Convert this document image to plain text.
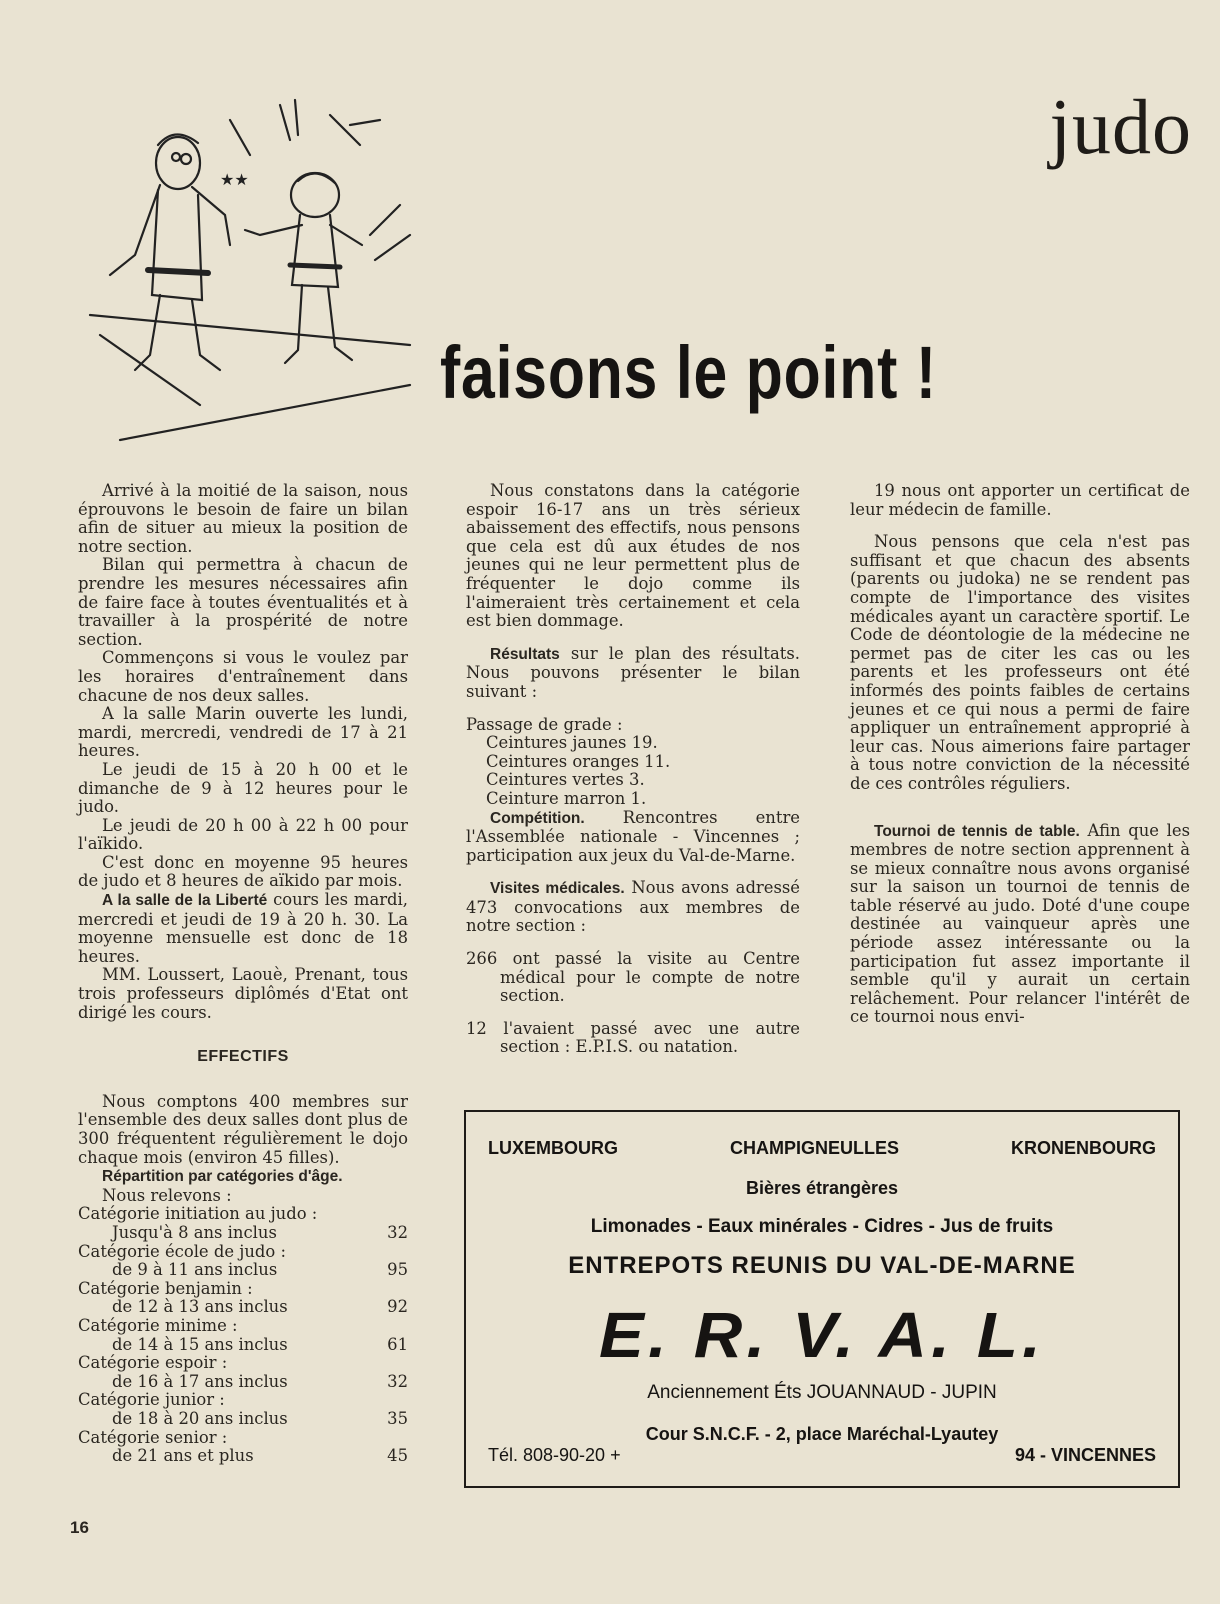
judo
★★
faisons le point !

Arrivé à la moitié de la saison, nous éprouvons le besoin de faire un bilan afin de situer au mieux la position de notre section.

Bilan qui permettra à chacun de prendre les mesures nécessaires afin de faire face à toutes éventualités et à travailler à la prospérité de notre section.

Commençons si vous le voulez par les horaires d'entraînement dans chacune de nos deux salles.

A la salle Marin ouverte les lundi, mardi, mercredi, vendredi de 17 à 21 heures.

Le jeudi de 15 à 20 h 00 et le dimanche de 9 à 12 heures pour le judo.

Le jeudi de 20 h 00 à 22 h 00 pour l'aïkido.

C'est donc en moyenne 95 heures de judo et 8 heures de aïkido par mois.

A la salle de la Liberté cours les mardi, mercredi et jeudi de 19 à 20 h. 30. La moyenne mensuelle est donc de 18 heures.

MM. Loussert, Laouè, Prenant, tous trois professeurs diplômés d'Etat ont dirigé les cours.

EFFECTIFS

Nous comptons 400 membres sur l'ensemble des deux salles dont plus de 300 fréquentent régulièrement le dojo chaque mois (environ 45 filles).

Répartition par catégories d'âge.

Nous relevons :

Catégorie initiation au judo :

Jusqu'à 8 ans inclus	32

Catégorie école de judo :

de 9 à 11 ans inclus	95

Catégorie benjamin :

de 12 à 13 ans inclus	92

Catégorie minime :

de 14 à 15 ans inclus	61

Catégorie espoir :

de 16 à 17 ans inclus	32

Catégorie junior :

de 18 à 20 ans inclus	35

Catégorie senior :

de 21 ans et plus	45

Nous constatons dans la catégorie espoir 16-17 ans un très sérieux abaissement des effectifs, nous pensons que cela est dû aux études de nos jeunes qui ne leur permettent plus de fréquenter le dojo comme ils l'aimeraient très certainement et cela est bien dommage.

Résultats sur le plan des résultats. Nous pouvons présenter le bilan suivant :

Passage de grade :

Ceintures jaunes 19.

Ceintures oranges 11.

Ceintures vertes 3.

Ceinture marron 1.

Compétition. Rencontres entre l'Assemblée nationale - Vincennes ; participation aux jeux du Val-de-Marne.

Visites médicales. Nous avons adressé 473 convocations aux membres de notre section :

266 ont passé la visite au Centre médical pour le compte de notre section.

12 l'avaient passé avec une autre section : E.P.I.S. ou natation.

19 nous ont apporter un certificat de leur médecin de famille.

Nous pensons que cela n'est pas suffisant et que chacun des absents (parents ou judoka) ne se rendent pas compte de l'importance des visites médicales ayant un caractère sportif. Le Code de déontologie de la médecine ne permet pas de citer les cas ou les parents et les professeurs ont été informés des points faibles de certains jeunes et ce qui nous a permi de faire appliquer un entraînement approprié à leur cas. Nous aimerions faire partager à tous notre conviction de la nécessité de ces contrôles réguliers.

Tournoi de tennis de table. Afin que les membres de notre section apprennent à se mieux connaître nous avons organisé sur la saison un tournoi de tennis de table réservé au judo. Doté d'une coupe destinée au vainqueur après une période assez intéressante ou la participation fut assez importante il semble qu'il y aurait un certain relâchement. Pour relancer l'intérêt de ce tournoi nous envi-

LUXEMBOURG	CHAMPIGNEULLES	KRONENBOURG
Bières étrangères
Limonades - Eaux minérales - Cidres - Jus de fruits
ENTREPOTS REUNIS DU VAL-DE-MARNE
E. R. V. A. L.
Anciennement Éts JOUANNAUD - JUPIN
Cour S.N.C.F. - 2, place Maréchal-Lyautey
Tél. 808-90-20 +	94 - VINCENNES
16
